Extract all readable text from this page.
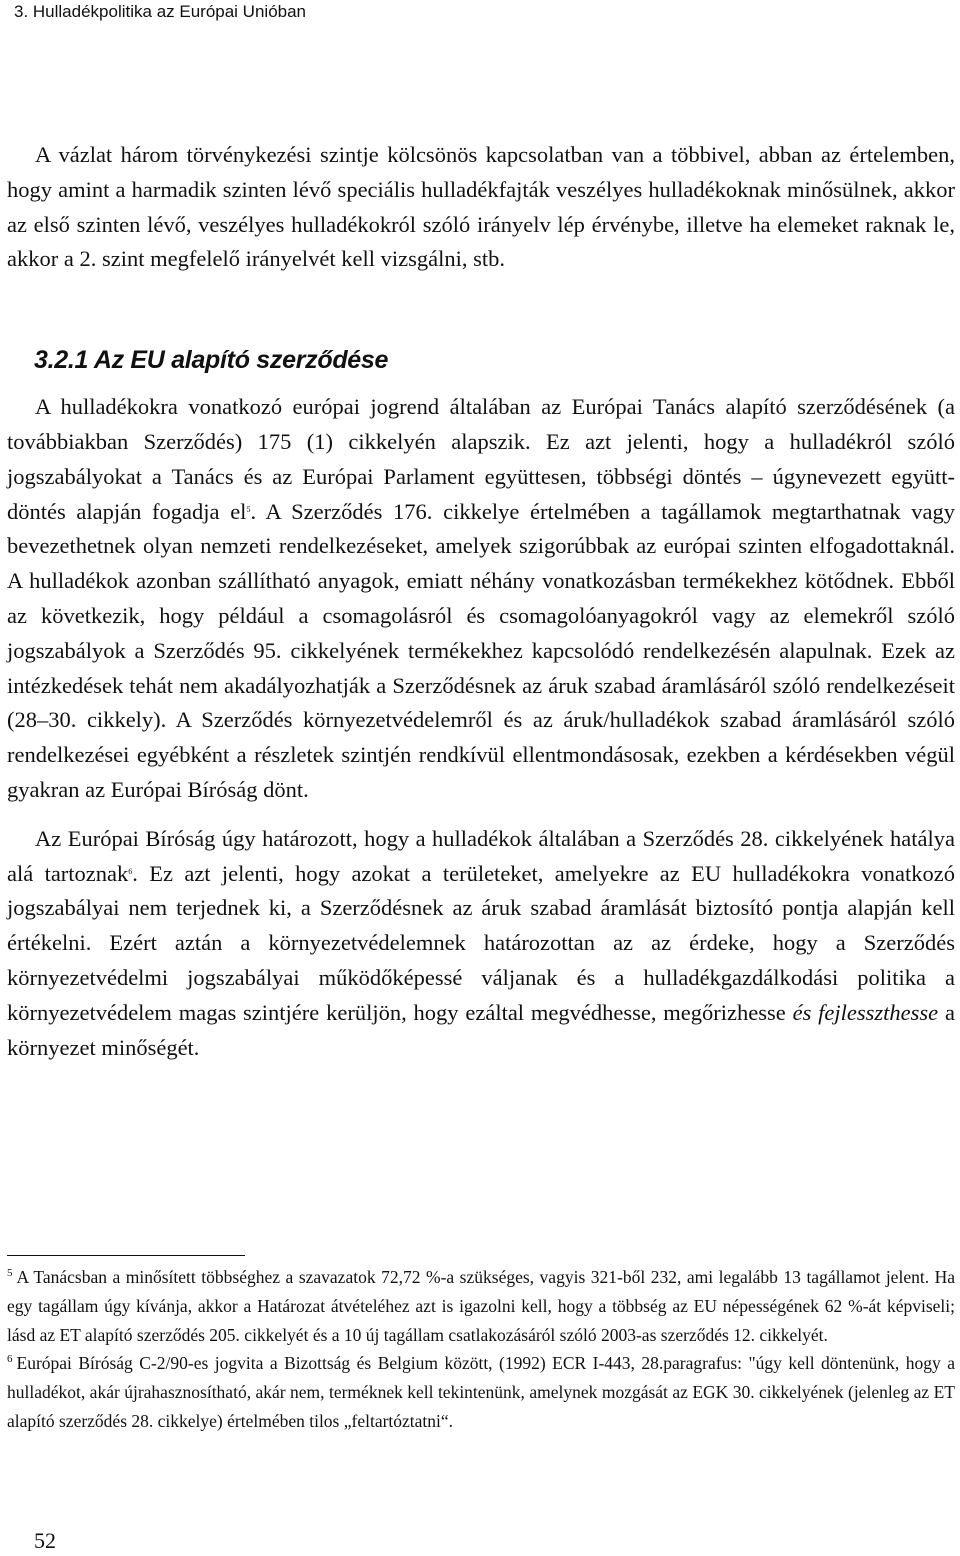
3. Hulladékpolitika az Európai Unióban

A vázlat három törvénykezési szintje kölcsönös kapcsolatban van a többivel, abban az értelemben, hogy amint a harmadik szinten lévő speciális hulladékfajták veszélyes hulladékoknak minősülnek, akkor az első szinten lévő, veszélyes hulladékokról szóló irányelv lép érvénybe, illetve ha elemeket raknak le, akkor a 2. szint megfelelő irányelvét kell vizsgálni, stb.

3.2.1 Az EU alapító szerződése

A hulladékokra vonatkozó európai jogrend általában az Európai Tanács alapító szerződésének (a továbbiakban Szerződés) 175 (1) cikkelyén alapszik. Ez azt jelenti, hogy a hulladékról szóló jogszabályokat a Tanács és az Európai Parlament együttesen, többségi döntés – úgynevezett együtt-döntés alapján fogadja $el^5$. A Szerződés 176. cikkelye értelmében a tagállamok megtarthatnak vagy bevezethetnek olyan nemzeti rendelkezéseket, amelyek szigorúbbak az európai szinten elfogadottaknál. A hulladékok azonban szállítható anyagok, emiatt néhány vonatkozásban termékekhez kötődnek. Ebből az következik, hogy például a csomagolásról és csomagolóanyagokról vagy az elemekről szóló jogszabályok a Szerződés 95. cikkelyének termékekhez kapcsolódó rendelkezésén alapulnak. Ezek az intézkedések tehát nem akadályozhatják a Szerződésnek az áruk szabad áramlásáról szóló rendelkezéseit (28–30. cikkely). A Szerződés környezetvédelemről és az áruk/hulladékok szabad áramlásáról szóló rendelkezései egyébként a részletek szintjén rendkívül ellentmondásosak, ezekben a kérdésekben végül gyakran az Európai Bíróság dönt.

Az Európai Bíróság úgy határozott, hogy a hulladékok általában a Szerződés 28. cikkelyének hatálya alá tartoznak$^6$. Ez azt jelenti, hogy azokat a területeket, amelyekre az EU hulladékokra vonatkozó jogszabályai nem terjednek ki, a Szerződésnek az áruk szabad áramlását biztosító pontja alapján kell értékelni. Ezért aztán a környezetvédelemnek határozottan az az érdeke, hogy a Szerződés környezetvédelmi jogszabályai működőképessé váljanak és a hulladékgazdálkodási politika a környezetvédelem magas szintjére kerüljön, hogy ezáltal megvédhesse, megőrizhesse és fejlesszthesse a környezet minőségét.

$^5$ A Tanácsban a minősített többséghez a szavazatok 72,72 %-a szükséges, vagyis 321-ből 232, ami legalább 13 tagállamot jelent. Ha egy tagállam úgy kívánja, akkor a Határozat átvételéhez azt is igazolni kell, hogy a többség az EU népességének 62 %-át képviseli; lásd az ET alapító szerződés 205. cikkelyét és a 10 új tagállam csatlakozásáról szóló 2003-as szerződés 12. cikkelyét.

$^6$ Európai Bíróság C-2/90-es jogvita a Bizottság és Belgium között, (1992) ECR I-443, 28.paragrafus: "úgy kell döntenünk, hogy a hulladékot, akár újrahasznosítható, akár nem, terméknek kell tekintenünk, amelynek mozgását az EGK 30. cikkelyének (jelenleg az ET alapító szerződés 28. cikkelye) értelmében tilos „feltartóztatni“.

52
